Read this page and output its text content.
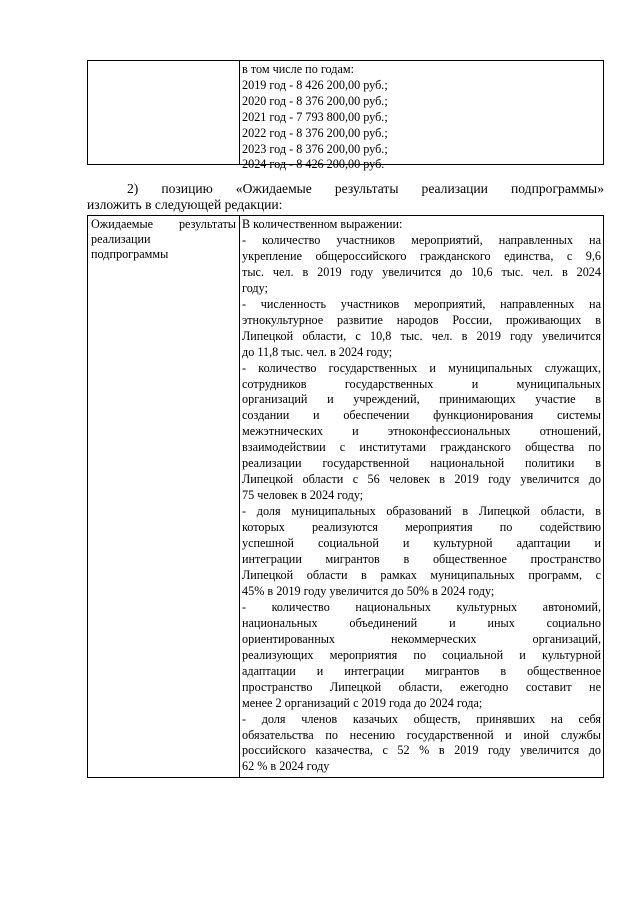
в том числе по годам:
2019 год - 8 426 200,00 руб.;
2020 год - 8 376 200,00 руб.;
2021 год - 7 793 800,00 руб.;
2022 год - 8 376 200,00 руб.;
2023 год - 8 376 200,00 руб.;
2024 год - 8 426 200,00 руб.
2) позицию «Ожидаемые результаты реализации подпрограммы»
изложить в следующей редакции:
Ожидаемые результаты
реализации
подпрограммы
В количественном выражении:
- количество участников мероприятий, направленных на
укрепление общероссийского гражданского единства, с 9,6
тыс. чел. в 2019 году увеличится до 10,6 тыс. чел. в 2024
году;
- численность участников мероприятий, направленных на
этнокультурное развитие народов России, проживающих в
Липецкой области, с 10,8 тыс. чел. в 2019 году увеличится
до 11,8 тыс. чел. в 2024 году;
- количество государственных и муниципальных служащих,
сотрудников государственных и муниципальных
организаций и учреждений, принимающих участие в
создании и обеспечении функционирования системы
межэтнических и этноконфессиональных отношений,
взаимодействии с институтами гражданского общества по
реализации государственной национальной политики в
Липецкой области с 56 человек в 2019 году увеличится до
75 человек в 2024 году;
- доля муниципальных образований в Липецкой области, в
которых реализуются мероприятия по содействию
успешной социальной и культурной адаптации и
интеграции мигрантов в общественное пространство
Липецкой области в рамках муниципальных программ, с
45% в 2019 году увеличится до 50% в 2024 году;
- количество национальных культурных автономий,
национальных объединений и иных социально
ориентированных некоммерческих организаций,
реализующих мероприятия по социальной и культурной
адаптации и интеграции мигрантов в общественное
пространство Липецкой области, ежегодно составит не
менее 2 организаций с 2019 года до 2024 года;
- доля членов казачьих обществ, принявших на себя
обязательства по несению государственной и иной службы
российского казачества, с 52 % в 2019 году увеличится до
62 % в 2024 году
